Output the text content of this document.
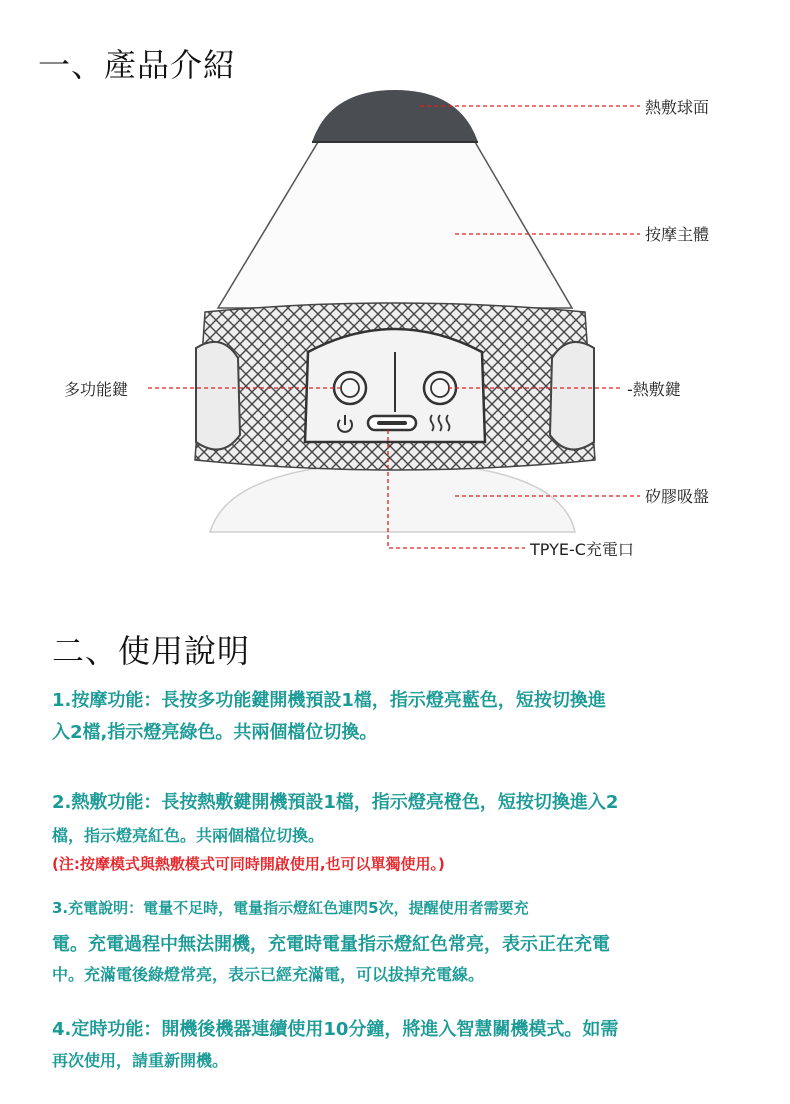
一、產品介紹
熱敷球面
按摩主體
多功能鍵	-熱敷鍵
矽膠吸盤
TPYE-C充電口
二、使用說明
1.按摩功能：長按多功能鍵開機預設1檔，指示燈亮藍色，短按切換進
入2檔,指示燈亮綠色。共兩個檔位切換。
2.熱敷功能：長按熱敷鍵開機預設1檔，指示燈亮橙色，短按切換進入2
檔，指示燈亮紅色。共兩個檔位切換。
(注:按摩模式與熱敷模式可同時開啟使用,也可以單獨使用。)
3.充電說明：電量不足時，電量指示燈紅色連閃5次，提醒使用者需要充
電。充電過程中無法開機，充電時電量指示燈紅色常亮，表示正在充電
中。充滿電後綠燈常亮，表示已經充滿電，可以拔掉充電線。
4.定時功能：開機後機器連續使用10分鐘，將進入智慧關機模式。如需
再次使用，請重新開機。
